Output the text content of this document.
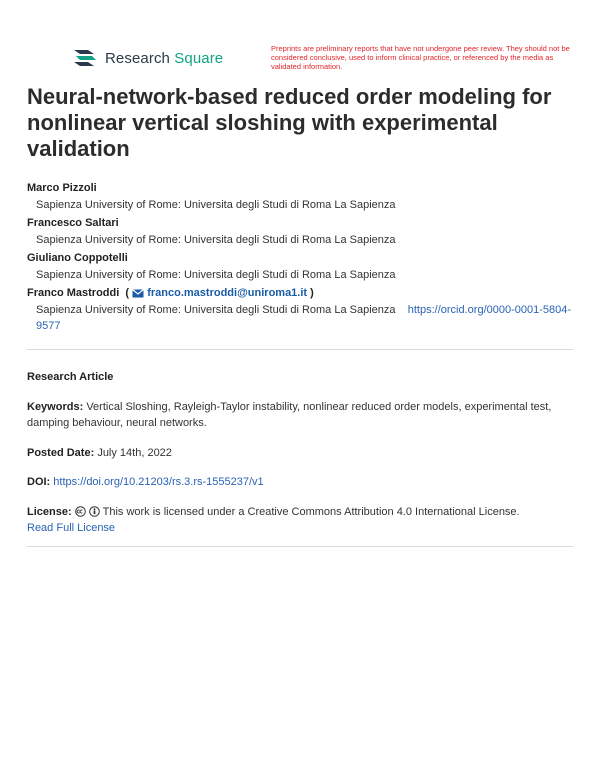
Research Square
Preprints are preliminary reports that have not undergone peer review. They should not be considered conclusive, used to inform clinical practice, or referenced by the media as validated information.
Neural-network-based reduced order modeling for nonlinear vertical sloshing with experimental validation
Marco Pizzoli
Sapienza University of Rome: Universita degli Studi di Roma La Sapienza
Francesco Saltari
Sapienza University of Rome: Universita degli Studi di Roma La Sapienza
Giuliano Coppotelli
Sapienza University of Rome: Universita degli Studi di Roma La Sapienza
Franco Mastroddi  ( franco.mastroddi@uniroma1.it )
Sapienza University of Rome: Universita degli Studi di Roma La Sapienza https://orcid.org/0000-0001-5804-9577
Research Article
Keywords: Vertical Sloshing, Rayleigh-Taylor instability, nonlinear reduced order models, experimental test, damping behaviour, neural networks.
Posted Date: July 14th, 2022
DOI: https://doi.org/10.21203/rs.3.rs-1555237/v1
License:	This work is licensed under a Creative Commons Attribution 4.0 International License.
Read Full License
